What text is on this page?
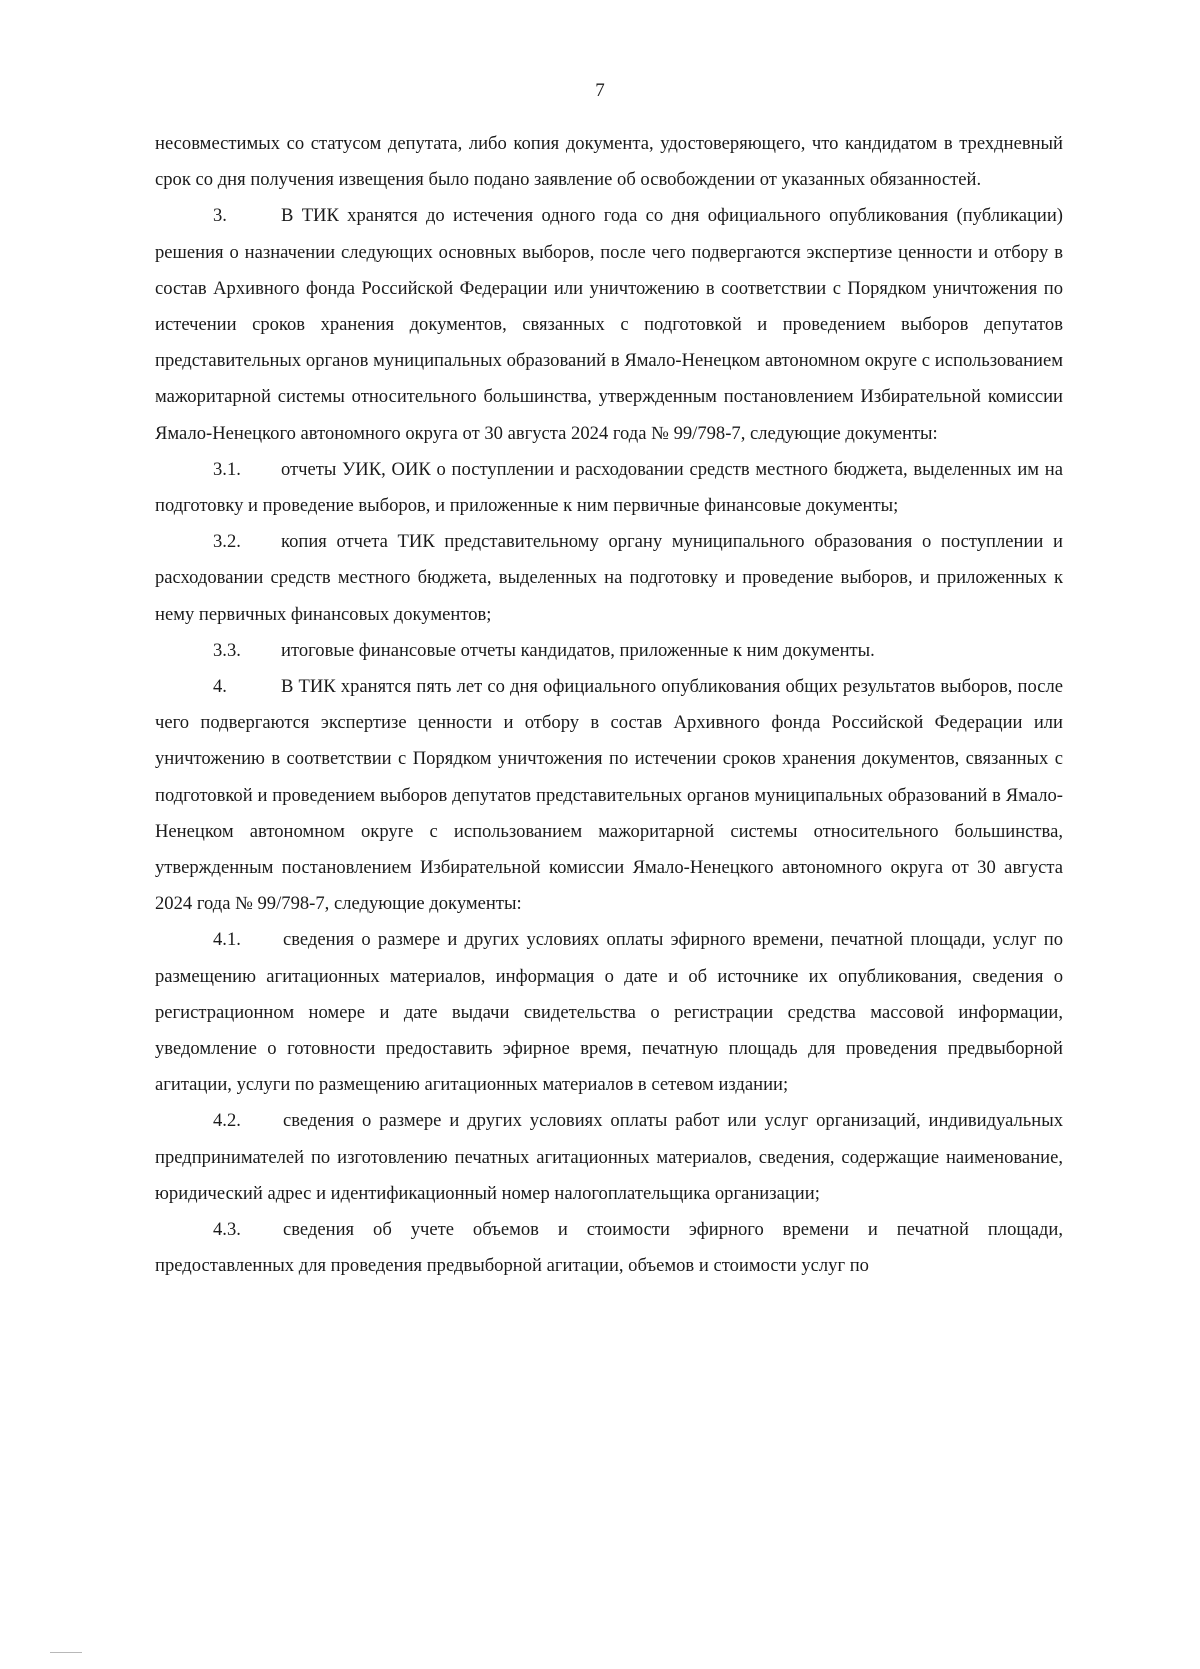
7

несовместимых со статусом депутата, либо копия документа, удостоверяющего, что кандидатом в трехдневный срок со дня получения извещения было подано заявление об освобождении от указанных обязанностей.

3.	В ТИК хранятся до истечения одного года со дня официального опубликования (публикации) решения о назначении следующих основных выборов, после чего подвергаются экспертизе ценности и отбору в состав Архивного фонда Российской Федерации или уничтожению в соответствии с Порядком уничтожения по истечении сроков хранения документов, связанных с подготовкой и проведением выборов депутатов представительных органов муниципальных образований в Ямало-Ненецком автономном округе с использованием мажоритарной системы относительного большинства, утвержденным постановлением Избирательной комиссии Ямало-Ненецкого автономного округа от 30 августа 2024 года № 99/798-7, следующие документы:

3.1. отчеты УИК, ОИК о поступлении и расходовании средств местного бюджета, выделенных им на подготовку и проведение выборов, и приложенные к ним первичные финансовые документы;

3.2. копия отчета ТИК представительному органу муниципального образования о поступлении и расходовании средств местного бюджета, выделенных на подготовку и проведение выборов, и приложенных к нему первичных финансовых документов;

3.3. итоговые финансовые отчеты кандидатов, приложенные к ним документы.

4.	В ТИК хранятся пять лет со дня официального опубликования общих результатов выборов, после чего подвергаются экспертизе ценности и отбору в состав Архивного фонда Российской Федерации или уничтожению в соответствии с Порядком уничтожения по истечении сроков хранения документов, связанных с подготовкой и проведением выборов депутатов представительных органов муниципальных образований в Ямало-Ненецком автономном округе с использованием мажоритарной системы относительного большинства, утвержденным постановлением Избирательной комиссии Ямало-Ненецкого автономного округа от 30 августа 2024 года № 99/798-7, следующие документы:

4.1. сведения о размере и других условиях оплаты эфирного времени, печатной площади, услуг по размещению агитационных материалов, информация о дате и об источнике их опубликования, сведения о регистрационном номере и дате выдачи свидетельства о регистрации средства массовой информации, уведомление о готовности предоставить эфирное время, печатную площадь для проведения предвыборной агитации, услуги по размещению агитационных материалов в сетевом издании;

4.2. сведения о размере и других условиях оплаты работ или услуг организаций, индивидуальных предпринимателей по изготовлению печатных агитационных материалов, сведения, содержащие наименование, юридический адрес и идентификационный номер налогоплательщика организации;

4.3. сведения об учете объемов и стоимости эфирного времени и печатной площади, предоставленных для проведения предвыборной агитации, объемов и стоимости услуг по
